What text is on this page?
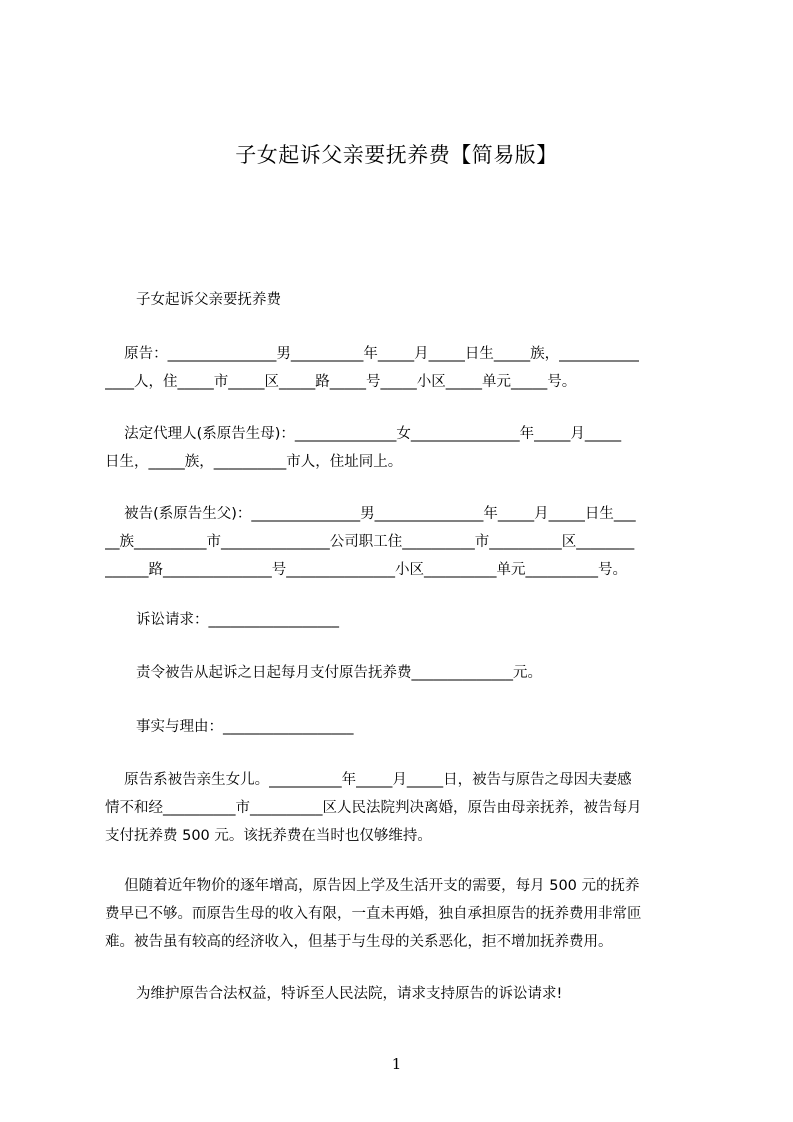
子女起诉父亲要抚养费【简易版】
子女起诉父亲要抚养费
　 原告：_______________男__________年_____月_____日生_____族，___________
____人，住_____市_____区_____路_____号_____小区_____单元_____号。
　 法定代理人(系原告生母)：______________女_______________年_____月_____
日生，_____族，__________市人，住址同上。
　 被告(系原告生父)：_______________男_______________年_____月_____日生___
__族__________市_______________公司职工住__________市__________区________
______路_______________号_______________小区__________单元__________号。
诉讼请求：__________________
责令被告从起诉之日起每月支付原告抚养费______________元。
事实与理由：__________________
　 原告系被告亲生女儿。__________年_____月_____日，被告与原告之母因夫妻感
情不和经__________市__________区人民法院判决离婚，原告由母亲抚养，被告每月
支付抚养费 500 元。该抚养费在当时也仅够维持。
　 但随着近年物价的逐年增高，原告因上学及生活开支的需要，每月 500 元的抚养
费早已不够。而原告生母的收入有限，一直未再婚，独自承担原告的抚养费用非常匝
难。被告虽有较高的经济收入，但基于与生母的关系恶化，拒不增加抚养费用。
为维护原告合法权益，特诉至人民法院，请求支持原告的诉讼请求!
1
